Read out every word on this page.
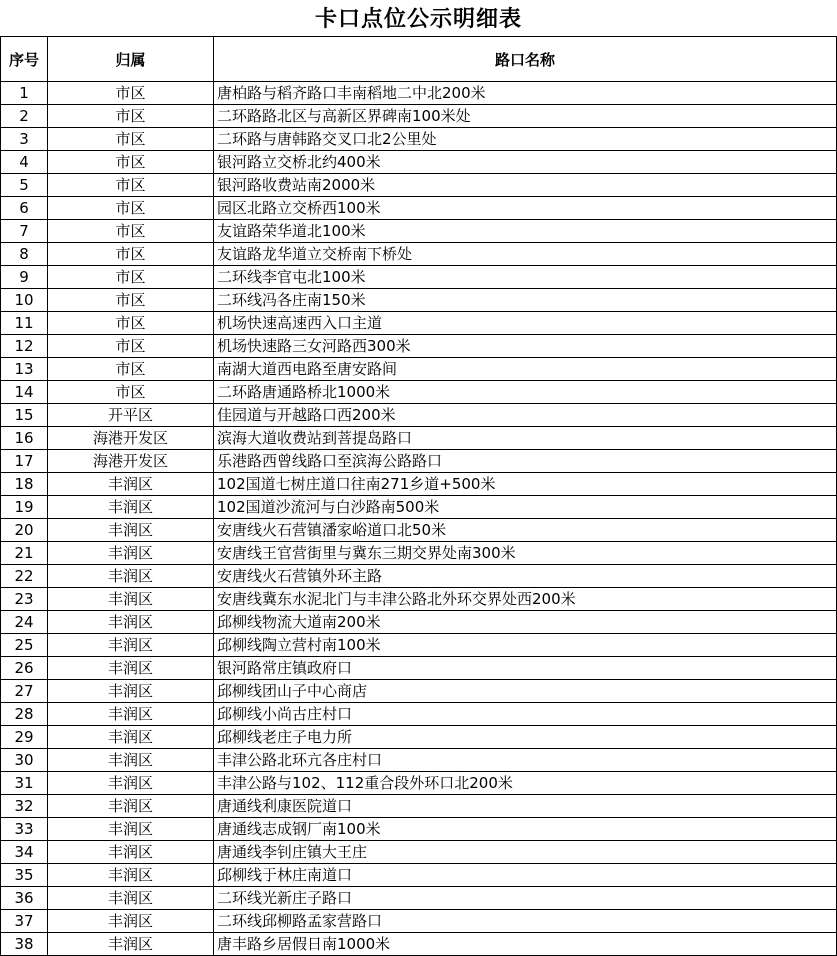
卡口点位公示明细表
序号	归属	路口名称
1	市区	唐柏路与稻齐路口丰南稻地二中北200米
2	市区	二环路路北区与高新区界碑南100米处
3	市区	二环路与唐韩路交叉口北2公里处
4	市区	银河路立交桥北约400米
5	市区	银河路收费站南2000米
6	市区	园区北路立交桥西100米
7	市区	友谊路荣华道北100米
8	市区	友谊路龙华道立交桥南下桥处
9	市区	二环线李官屯北100米
10	市区	二环线冯各庄南150米
11	市区	机场快速高速西入口主道
12	市区	机场快速路三女河路西300米
13	市区	南湖大道西电路至唐安路间
14	市区	二环路唐通路桥北1000米
15	开平区	佳园道与开越路口西200米
16	海港开发区	滨海大道收费站到菩提岛路口
17	海港开发区	乐港路西曾线路口至滨海公路路口
18	丰润区	102国道七树庄道口往南271乡道+500米
19	丰润区	102国道沙流河与白沙路南500米
20	丰润区	安唐线火石营镇潘家峪道口北50米
21	丰润区	安唐线王官营街里与冀东三期交界处南300米
22	丰润区	安唐线火石营镇外环主路
23	丰润区	安唐线冀东水泥北门与丰津公路北外环交界处西200米
24	丰润区	邱柳线物流大道南200米
25	丰润区	邱柳线陶立营村南100米
26	丰润区	银河路常庄镇政府口
27	丰润区	邱柳线团山子中心商店
28	丰润区	邱柳线小尚古庄村口
29	丰润区	邱柳线老庄子电力所
30	丰润区	丰津公路北环亢各庄村口
31	丰润区	丰津公路与102、112重合段外环口北200米
32	丰润区	唐通线利康医院道口
33	丰润区	唐通线志成钢厂南100米
34	丰润区	唐通线李钊庄镇大王庄
35	丰润区	邱柳线于林庄南道口
36	丰润区	二环线光新庄子路口
37	丰润区	二环线邱柳路孟家营路口
38	丰润区	唐丰路乡居假日南1000米
